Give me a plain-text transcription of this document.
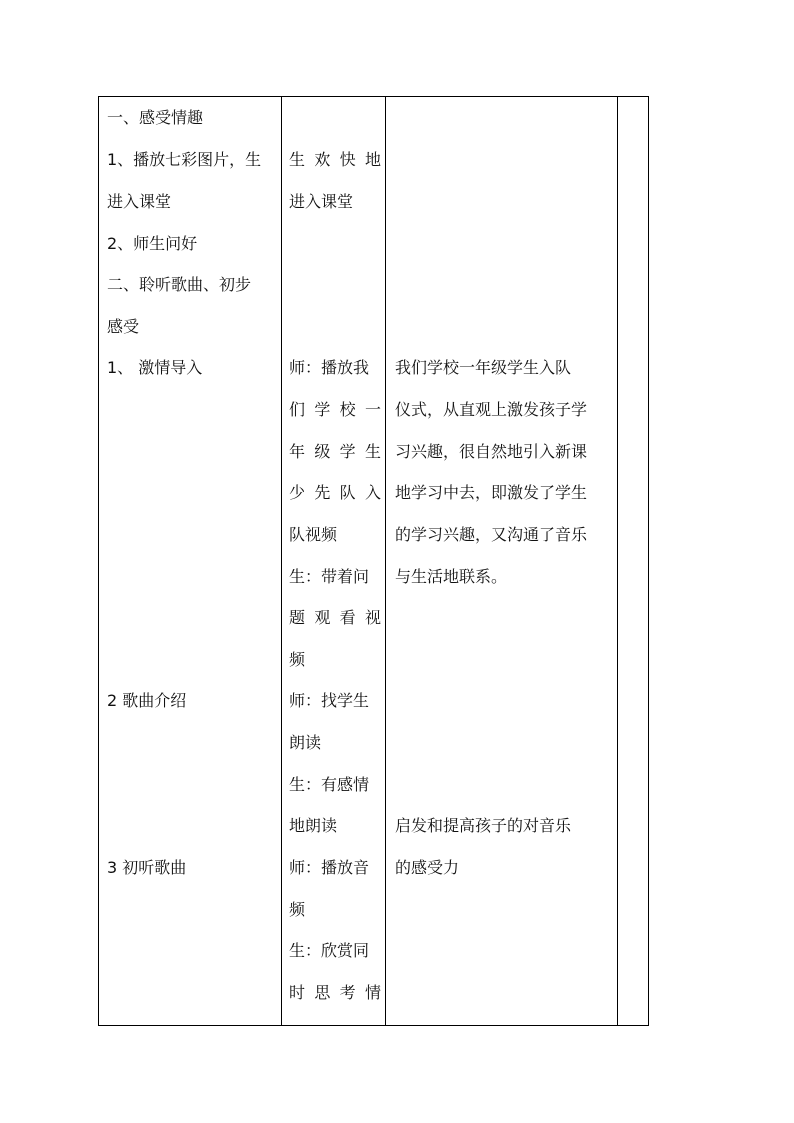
一、感受情趣
1、播放七彩图片，生
进入课堂
2、师生问好
二、聆听歌曲、初步
感受
1、 激情导入
2 歌曲介绍
3 初听歌曲
生 欢 快 地
进入课堂
师：播放我
们 学 校 一
年 级 学 生
少 先 队 入
队视频
生：带着问
题 观 看 视
频
师：找学生
朗读
生：有感情
地朗读
师：播放音
频
生：欣赏同
时 思 考 情
我们学校一年级学生入队
仪式，从直观上激发孩子学
习兴趣，很自然地引入新课
地学习中去，即激发了学生
的学习兴趣，又沟通了音乐
与生活地联系。
启发和提高孩子的对音乐
的感受力
